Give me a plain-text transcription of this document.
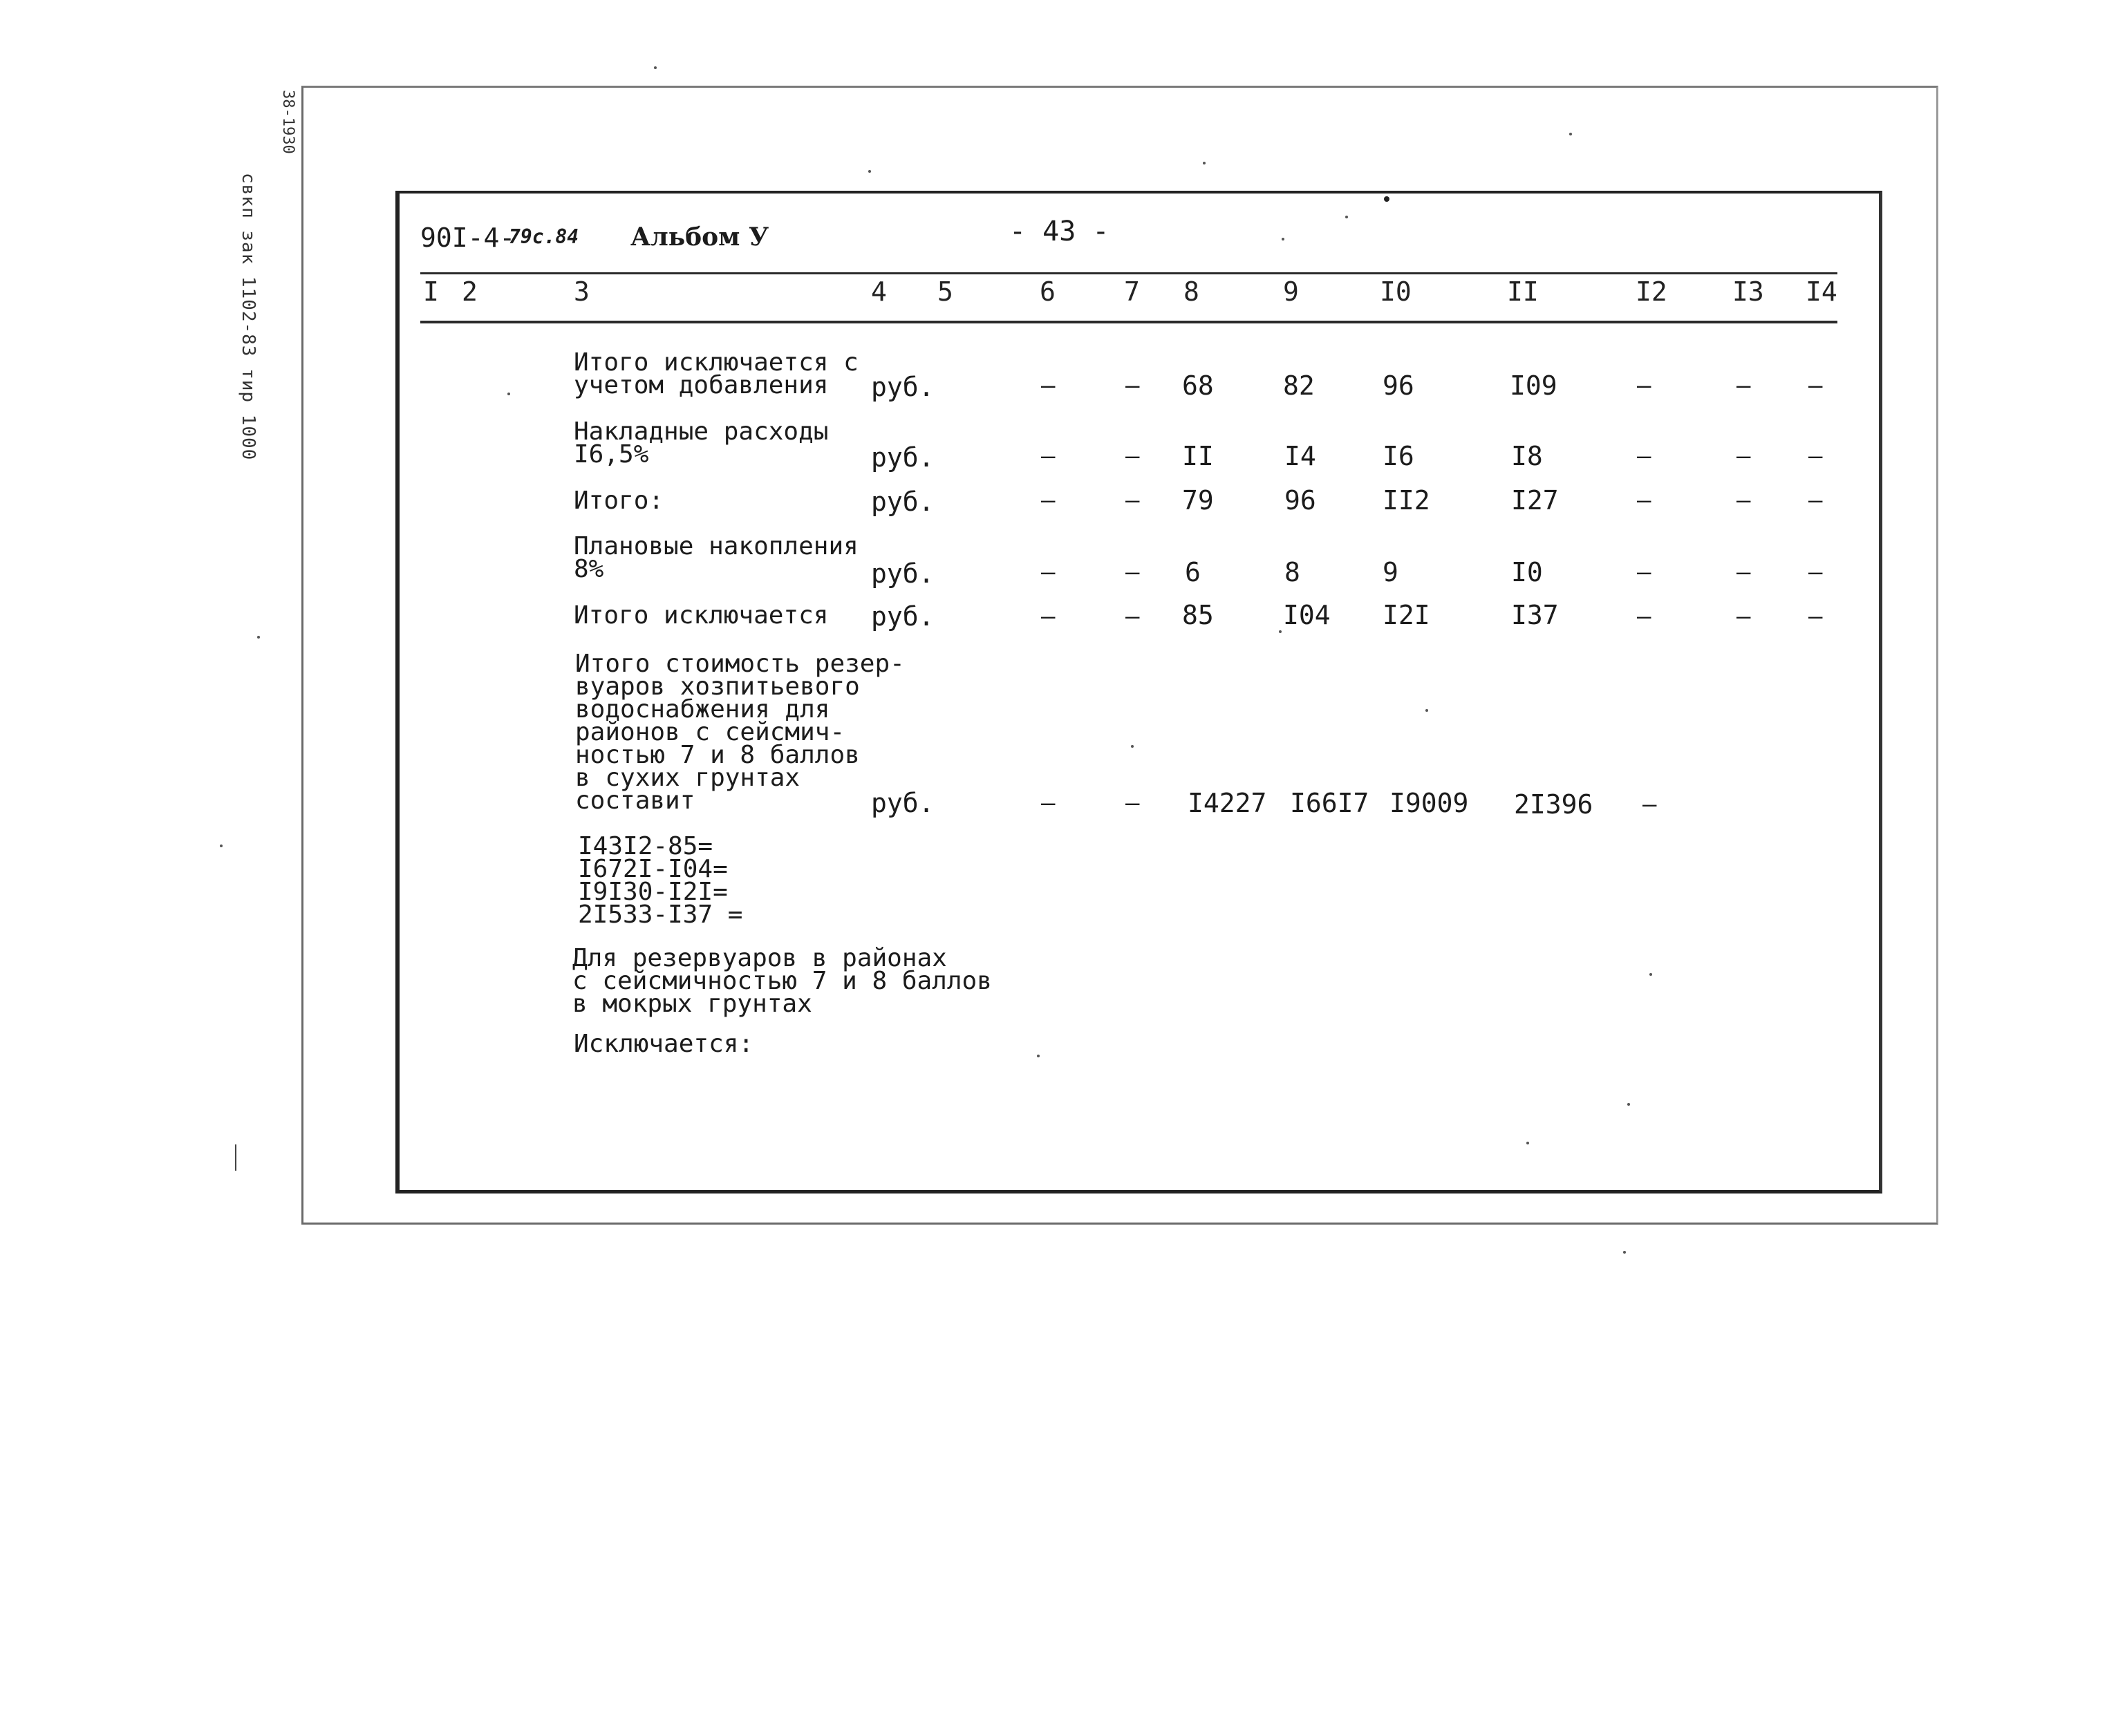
свкп зак 1102-83 тир 1000
38-1930
90I-4-
79с.84 Альбом У	- 43 -
I 2	3	4 5	6	7 8	9	I0	II	I2 I3 I4
Итого исключается с
учетом добавления	руб.	–	– 68	82	96	I09	–	– –
Накладные расходы
I6,5%	руб.	–	– II	I4	I6	I8	–	– –
Итого:	руб.	–	– 79	96	II2	I27	–	– –
Плановые накопления
8%	руб.	–	– 6	8	9	I0	–	– –
Итого исключается руб.	–	– 85	I04 I2I	I37	–	– –
Итого стоимость резер-
вуаров хозпитьевого
водоснабжения для
районов с сейсмич-
ностью 7 и 8 баллов
в сухих грунтах
составит	руб.	–	– I4227 I66I7 I9009 2I396 –
I43I2-85=
I672I-I04=
I9I30-I2I=
2I533-I37 =
Для резервуаров в районах
с сейсмичностью 7 и 8 баллов
в мокрых грунтах
Исключается:
